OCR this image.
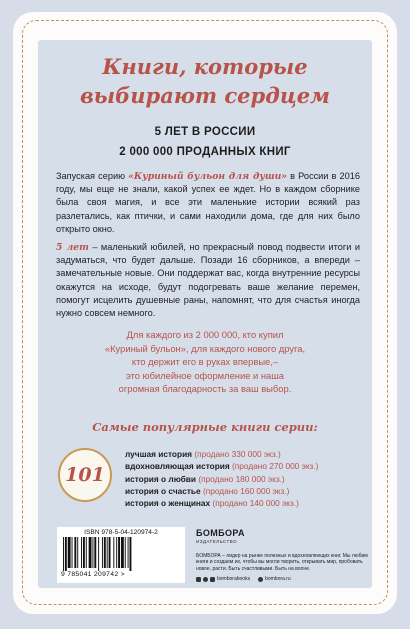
Книги, которые
выбирают сердцем
5 ЛЕТ В РОССИИ
2 000 000 ПРОДАННЫХ КНИГ
Запуская серию «Куриный бульон для души» в России в 2016 году, мы еще не знали, какой успех ее ждет. Но в каждом сборнике была своя магия, и все эти маленькие истории всякий раз разлетались, как птички, и сами находили дома, где для них было открыто окно.
5 лет – маленький юбилей, но прекрасный повод подвести итоги и задуматься, что будет дальше. Позади 16 сборников, а впереди – замечательные новые. Они поддержат вас, когда внутренние ресурсы окажутся на исходе, будут подогревать ваше желание перемен, помогут исцелить душевные раны, напомнят, что для счастья иногда нужно совсем немного.
Для каждого из 2 000 000, кто купил
«Куриный бульон», для каждого нового друга,
кто держит его в руках впервые,–
это юбилейное оформление и наша
огромная благодарность за ваш выбор.
Самые популярные книги серии:
101
лучшая история (продано 330 000 экз.)
вдохновляющая история (продано 270 000 экз.)
история о любви (продано 180 000 экз.)
история о счастье (продано 160 000 экз.)
история о женщинах (продано 140 000 экз.)
ISBN 978-5-04-120974-2
9 785041 209742 >
БОМБОРА
ИЗДАТЕЛЬСТВО
БОМБОРА – лидер на рынке полезных и вдохновляющих книг. Мы любим книги и создаем их, чтобы вы могли творить, открывать мир, пробовать новое, расти. Быть счастливыми. Быть на волне.
bomborabooks	bombora.ru
